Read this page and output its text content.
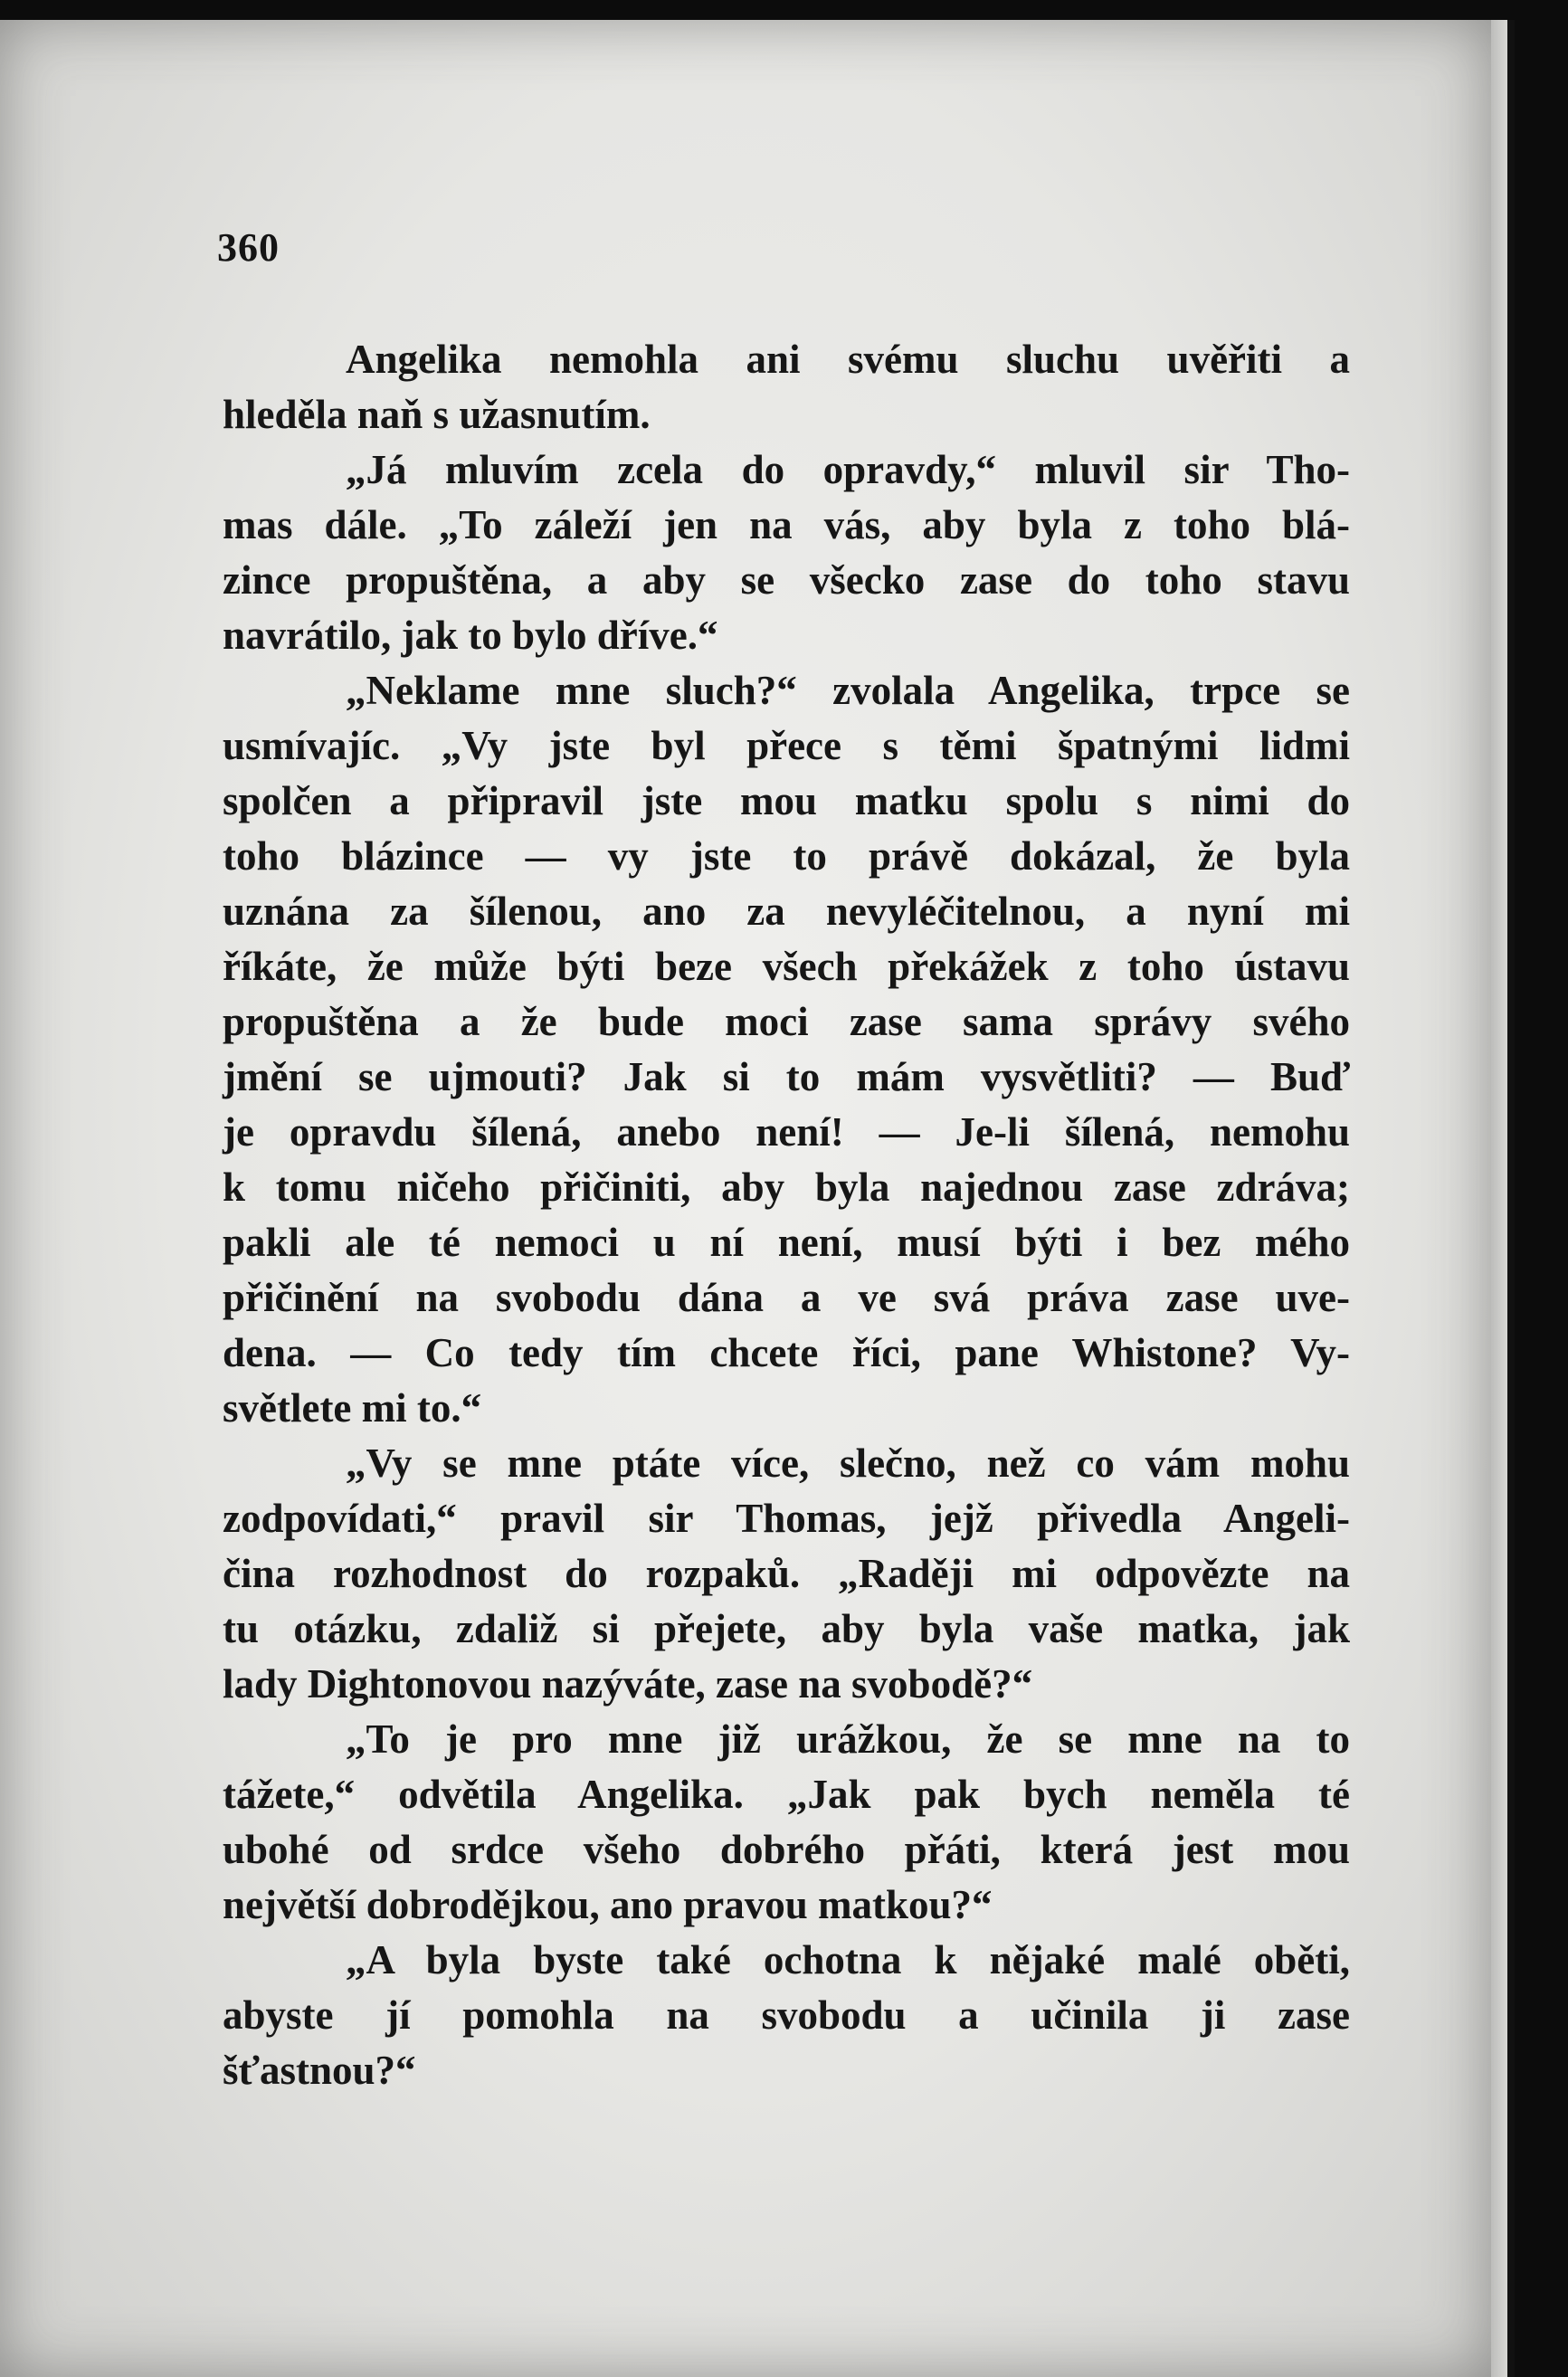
360
Angelika nemohla ani svému sluchu uvěřiti a
hleděla naň s užasnutím.
„Já mluvím zcela do opravdy,“ mluvil sir Tho-
mas dále. „To záleží jen na vás, aby byla z toho blá-
zince propuštěna, a aby se všecko zase do toho stavu
navrátilo, jak to bylo dříve.“
„Neklame mne sluch?“ zvolala Angelika, trpce se
usmívajíc. „Vy jste byl přece s těmi špatnými lidmi
spolčen a připravil jste mou matku spolu s nimi do
toho blázince — vy jste to právě dokázal, že byla
uznána za šílenou, ano za nevyléčitelnou, a nyní mi
říkáte, že může býti beze všech překážek z toho ústavu
propuštěna a že bude moci zase sama správy svého
jmění se ujmouti? Jak si to mám vysvětliti? — Buď
je opravdu šílená, anebo není! — Je-li šílená, nemohu
k tomu ničeho přičiniti, aby byla najednou zase zdráva;
pakli ale té nemoci u ní není, musí býti i bez mého
přičinění na svobodu dána a ve svá práva zase uve-
dena. — Co tedy tím chcete říci, pane Whistone? Vy-
světlete mi to.“
„Vy se mne ptáte více, slečno, než co vám mohu
zodpovídati,“ pravil sir Thomas, jejž přivedla Angeli-
čina rozhodnost do rozpaků. „Raději mi odpovězte na
tu otázku, zdaliž si přejete, aby byla vaše matka, jak
lady Dightonovou nazýváte, zase na svobodě?“
„To je pro mne již urážkou, že se mne na to
tážete,“ odvětila Angelika. „Jak pak bych neměla té
ubohé od srdce všeho dobrého přáti, která jest mou
největší dobrodějkou, ano pravou matkou?“
„A byla byste také ochotna k nějaké malé oběti,
abyste jí pomohla na svobodu a učinila ji zase
šťastnou?“
